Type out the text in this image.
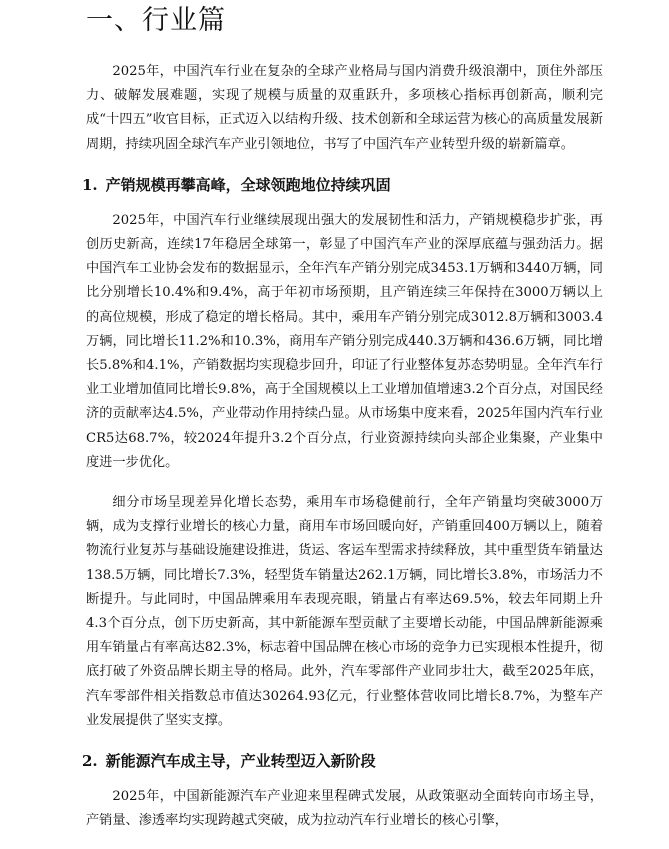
一、行业篇

2025年，中国汽车行业在复杂的全球产业格局与国内消费升级浪潮中，顶住外部压力、破解发展难题，实现了规模与质量的双重跃升，多项核心指标再创新高，顺利完成“十四五”收官目标，正式迈入以结构升级、技术创新和全球运营为核心的高质量发展新周期，持续巩固全球汽车产业引领地位，书写了中国汽车产业转型升级的崭新篇章。

1. 产销规模再攀高峰，全球领跑地位持续巩固

2025年，中国汽车行业继续展现出强大的发展韧性和活力，产销规模稳步扩张，再创历史新高，连续17年稳居全球第一，彰显了中国汽车产业的深厚底蕴与强劲活力。据中国汽车工业协会发布的数据显示，全年汽车产销分别完成3453.1万辆和3440万辆，同比分别增长10.4%和9.4%，高于年初市场预期，且产销连续三年保持在3000万辆以上的高位规模，形成了稳定的增长格局。其中，乘用车产销分别完成3012.8万辆和3003.4万辆，同比增长11.2%和10.3%，商用车产销分别完成440.3万辆和436.6万辆，同比增长5.8%和4.1%，产销数据均实现稳步回升，印证了行业整体复苏态势明显。全年汽车行业工业增加值同比增长9.8%，高于全国规模以上工业增加值增速3.2个百分点，对国民经济的贡献率达4.5%，产业带动作用持续凸显。从市场集中度来看，2025年国内汽车行业CR5达68.7%，较2024年提升3.2个百分点，行业资源持续向头部企业集聚，产业集中度进一步优化。

细分市场呈现差异化增长态势，乘用车市场稳健前行，全年产销量均突破3000万辆，成为支撑行业增长的核心力量，商用车市场回暖向好，产销重回400万辆以上，随着物流行业复苏与基础设施建设推进，货运、客运车型需求持续释放，其中重型货车销量达138.5万辆，同比增长7.3%，轻型货车销量达262.1万辆，同比增长3.8%，市场活力不断提升。与此同时，中国品牌乘用车表现亮眼，销量占有率达69.5%，较去年同期上升4.3个百分点，创下历史新高，其中新能源车型贡献了主要增长动能，中国品牌新能源乘用车销量占有率高达82.3%，标志着中国品牌在核心市场的竞争力已实现根本性提升，彻底打破了外资品牌长期主导的格局。此外，汽车零部件产业同步壮大，截至2025年底，汽车零部件相关指数总市值达30264.93亿元，行业整体营收同比增长8.7%，为整车产业发展提供了坚实支撑。

2. 新能源汽车成主导，产业转型迈入新阶段

2025年，中国新能源汽车产业迎来里程碑式发展，从政策驱动全面转向市场主导，产销量、渗透率均实现跨越式突破，成为拉动汽车行业增长的核心引擎，
